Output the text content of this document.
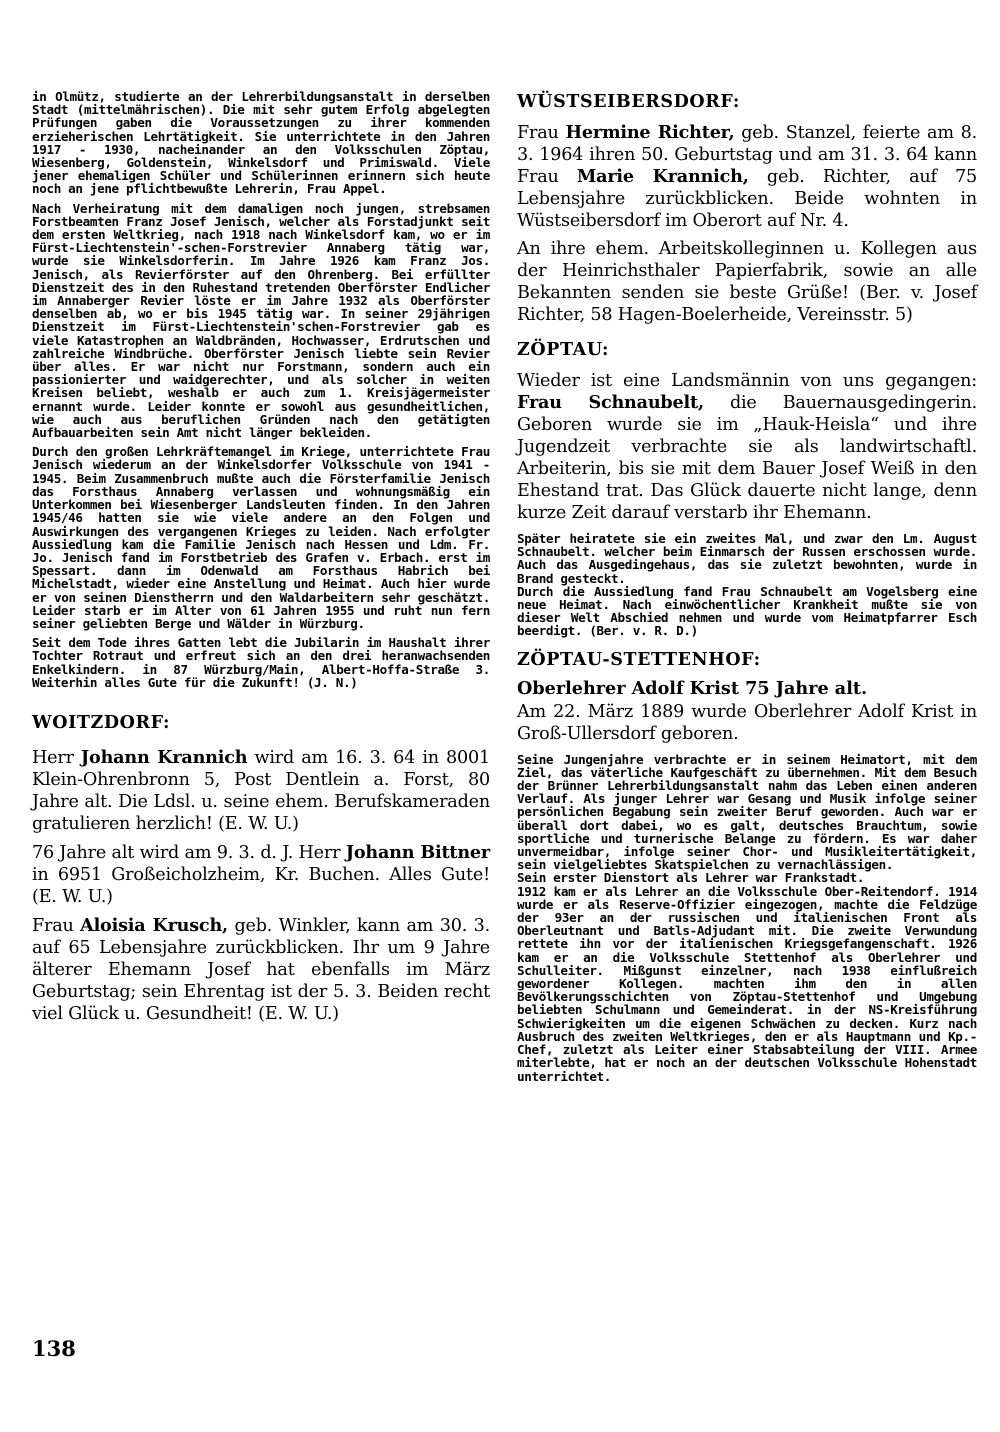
in Olmütz, studierte an der Lehrerbildungsanstalt in derselben Stadt (mittelmährischen). Die mit sehr gutem Erfolg abgelegten Prüfungen gaben die Voraussetzungen zu ihrer kommenden erzieherischen Lehrtätigkeit. Sie unterrichtete in den Jahren 1917 - 1930, nacheinander an den Volksschulen Zöptau, Wiesenberg, Goldenstein, Winkelsdorf und Primiswald. Viele jener ehemaligen Schüler und Schülerinnen erinnern sich heute noch an jene pflichtbewußte Lehrerin, Frau Appel.

Nach Verheiratung mit dem damaligen noch jungen, strebsamen Forstbeamten Franz Josef Jenisch, welcher als Forstadjunkt seit dem ersten Weltkrieg, nach 1918 nach Winkelsdorf kam, wo er im Fürst-Liechtenstein'-schen-Forstrevier Annaberg tätig war, wurde sie Winkelsdorferin. Im Jahre 1926 kam Franz Jos. Jenisch, als Revierförster auf den Ohrenberg. Bei erfüllter Dienstzeit des in den Ruhestand tretenden Oberförster Endlicher im Annaberger Revier löste er im Jahre 1932 als Oberförster denselben ab, wo er bis 1945 tätig war. In seiner 29jährigen Dienstzeit im Fürst-Liechtenstein'schen-Forstrevier gab es viele Katastrophen an Waldbränden, Hochwasser, Erdrutschen und zahlreiche Windbrüche. Oberförster Jenisch liebte sein Revier über alles. Er war nicht nur Forstmann, sondern auch ein passionierter und waidgerechter, und als solcher in weiten Kreisen beliebt, weshalb er auch zum 1. Kreisjägermeister ernannt wurde. Leider konnte er sowohl aus gesundheitlichen, wie auch aus beruflichen Gründen nach den getätigten Aufbauarbeiten sein Amt nicht länger bekleiden.

Durch den großen Lehrkräftemangel im Kriege, unterrichtete Frau Jenisch wiederum an der Winkelsdorfer Volksschule von 1941 - 1945. Beim Zusammenbruch mußte auch die Försterfamilie Jenisch das Forsthaus Annaberg verlassen und wohnungsmäßig ein Unterkommen bei Wiesenberger Landsleuten finden. In den Jahren 1945/46 hatten sie wie viele andere an den Folgen und Auswirkungen des vergangenen Krieges zu leiden. Nach erfolgter Aussiedlung kam die Familie Jenisch nach Hessen und Ldm. Fr. Jo. Jenisch fand im Forstbetrieb des Grafen v. Erbach. erst im Spessart. dann im Odenwald am Forsthaus Habrich bei Michelstadt, wieder eine Anstellung und Heimat. Auch hier wurde er von seinen Dienstherrn und den Waldarbeitern sehr geschätzt. Leider starb er im Alter von 61 Jahren 1955 und ruht nun fern seiner geliebten Berge und Wälder in Würzburg.

Seit dem Tode ihres Gatten lebt die Jubilarin im Haushalt ihrer Tochter Rotraut und erfreut sich an den drei heranwachsenden Enkelkindern. in 87 Würzburg/Main, Albert-Hoffa-Straße 3. Weiterhin alles Gute für die Zukunft! (J. N.)

WOITZDORF:

Herr Johann Krannich wird am 16. 3. 64 in 8001 Klein-Ohrenbronn 5, Post Dentlein a. Forst, 80 Jahre alt. Die Ldsl. u. seine ehem. Berufskameraden gratulieren herzlich! (E. W. U.)

76 Jahre alt wird am 9. 3. d. J. Herr Johann Bittner in 6951 Großeicholzheim, Kr. Buchen. Alles Gute! (E. W. U.)

Frau Aloisia Krusch, geb. Winkler, kann am 30. 3. auf 65 Lebensjahre zurückblicken. Ihr um 9 Jahre älterer Ehemann Josef hat ebenfalls im März Geburtstag; sein Ehrentag ist der 5. 3. Beiden recht viel Glück u. Gesundheit! (E. W. U.)

WÜSTSEIBERSDORF:

Frau Hermine Richter, geb. Stanzel, feierte am 8. 3. 1964 ihren 50. Geburtstag und am 31. 3. 64 kann Frau Marie Krannich, geb. Richter, auf 75 Lebensjahre zurückblicken. Beide wohnten in Wüstseibersdorf im Oberort auf Nr. 4.

An ihre ehem. Arbeitskolleginnen u. Kollegen aus der Heinrichsthaler Papierfabrik, sowie an alle Bekannten senden sie beste Grüße! (Ber. v. Josef Richter, 58 Hagen-Boelerheide, Vereinsstr. 5)

ZÖPTAU:

Wieder ist eine Landsmännin von uns gegangen: Frau Schnaubelt, die Bauernausgedingerin. Geboren wurde sie im „Hauk-Heisla“ und ihre Jugendzeit verbrachte sie als landwirtschaftl. Arbeiterin, bis sie mit dem Bauer Josef Weiß in den Ehestand trat. Das Glück dauerte nicht lange, denn kurze Zeit darauf verstarb ihr Ehemann.

Später heiratete sie ein zweites Mal, und zwar den Lm. August Schnaubelt. welcher beim Einmarsch der Russen erschossen wurde. Auch das Ausgedingehaus, das sie zuletzt bewohnten, wurde in Brand gesteckt.

Durch die Aussiedlung fand Frau Schnaubelt am Vogelsberg eine neue Heimat. Nach einwöchentlicher Krankheit mußte sie von dieser Welt Abschied nehmen und wurde vom Heimatpfarrer Esch beerdigt. (Ber. v. R. D.)

ZÖPTAU-STETTENHOF:
Oberlehrer Adolf Krist 75 Jahre alt.

Am 22. März 1889 wurde Oberlehrer Adolf Krist in Groß-Ullersdorf geboren.

Seine Jungenjahre verbrachte er in seinem Heimatort, mit dem Ziel, das väterliche Kaufgeschäft zu übernehmen. Mit dem Besuch der Brünner Lehrerbildungsanstalt nahm das Leben einen anderen Verlauf. Als junger Lehrer war Gesang und Musik infolge seiner persönlichen Begabung sein zweiter Beruf geworden. Auch war er überall dort dabei, wo es galt, deutsches Brauchtum, sowie sportliche und turnerische Belange zu fördern. Es war daher unvermeidbar, infolge seiner Chor- und Musikleitertätigkeit, sein vielgeliebtes Skatspielchen zu vernachlässigen.

Sein erster Dienstort als Lehrer war Frankstadt.

1912 kam er als Lehrer an die Volksschule Ober-Reitendorf. 1914 wurde er als Reserve-Offizier eingezogen, machte die Feldzüge der 93er an der russischen und italienischen Front als Oberleutnant und Batls-Adjudant mit. Die zweite Verwundung rettete ihn vor der italienischen Kriegsgefangenschaft. 1926 kam er an die Volksschule Stettenhof als Oberlehrer und Schulleiter. Mißgunst einzelner, nach 1938 einflußreich gewordener Kollegen. machten ihm den in allen Bevölkerungsschichten von Zöptau-Stettenhof und Umgebung beliebten Schulmann und Gemeinderat. in der NS-Kreisführung Schwierigkeiten um die eigenen Schwächen zu decken. Kurz nach Ausbruch des zweiten Weltkrieges, den er als Hauptmann und Kp.-Chef, zuletzt als Leiter einer Stabsabteilung der VIII. Armee miterlebte, hat er noch an der deutschen Volksschule Hohenstadt unterrichtet.

138
